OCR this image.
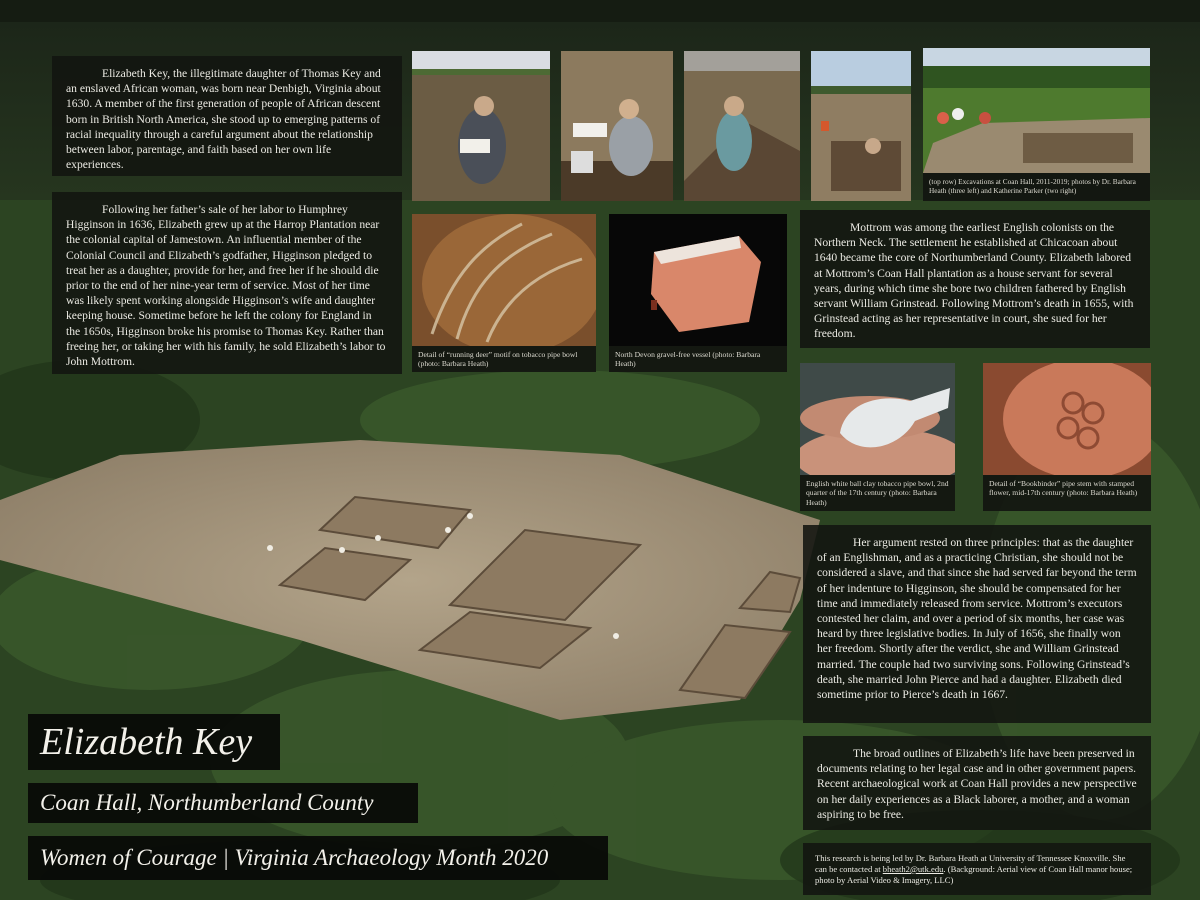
Elizabeth Key, the illegitimate daughter of Thomas Key and an enslaved African woman, was born near Denbigh, Virginia about 1630. A member of the first generation of people of African descent born in British North America, she stood up to emerging patterns of racial inequality through a careful argument about the relationship between labor, parentage, and faith based on her own life experiences.

Following her father’s sale of her labor to Humphrey Higginson in 1636, Elizabeth grew up at the Harrop Plantation near the colonial capital of Jamestown. An influential member of the Colonial Council and Elizabeth’s godfather, Higginson pledged to treat her as a daughter, provide for her, and free her if he should die prior to the end of her nine-year term of service. Most of her time was likely spent working alongside Higginson’s wife and daughter keeping house. Sometime before he left the colony for England in the 1650s, Higginson broke his promise to Thomas Key. Rather than freeing her, or taking her with his family, he sold Elizabeth’s labor to John Mottrom.

Mottrom was among the earliest English colonists on the Northern Neck. The settlement he established at Chicacoan about 1640 became the core of Northumberland County. Elizabeth labored at Mottrom’s Coan Hall plantation as a house servant for several years, during which time she bore two children fathered by English servant William Grinstead. Following Mottrom’s death in 1655, with Grinstead acting as her representative in court, she sued for her freedom.

Her argument rested on three principles: that as the daughter of an Englishman, and as a practicing Christian, she should not be considered a slave, and that since she had served far beyond the term of her indenture to Higginson, she should be compensated for her time and immediately released from service. Mottrom’s executors contested her claim, and over a period of six months, her case was heard by three legislative bodies. In July of 1656, she finally won her freedom. Shortly after the verdict, she and William Grinstead married. The couple had two surviving sons. Following Grinstead’s death, she married John Pierce and had a daughter. Elizabeth died sometime prior to Pierce’s death in 1667.

The broad outlines of Elizabeth’s life have been preserved in documents relating to her legal case and in other government papers. Recent archaeological work at Coan Hall provides a new perspective on her daily experiences as a Black laborer, a mother, and a woman aspiring to be free.

This research is being led by Dr. Barbara Heath at University of Tennessee Knoxville. She can be contacted at bheath2@utk.edu. (Background: Aerial view of Coan Hall manor house; photo by Aerial Video & Imagery, LLC)
(top row) Excavations at Coan Hall, 2011-2019; photos by Dr. Barbara Heath (three left) and Katherine Parker (two right)
Detail of “running deer” motif on tobacco pipe bowl (photo: Barbara Heath)
North Devon gravel-free vessel (photo: Barbara Heath)
English white ball clay tobacco pipe bowl, 2nd quarter of the 17th century (photo: Barbara Heath)
Detail of “Bookbinder” pipe stem with stamped flower, mid-17th century (photo: Barbara Heath)
Elizabeth Key
Coan Hall, Northumberland County
Women of Courage | Virginia Archaeology Month 2020
